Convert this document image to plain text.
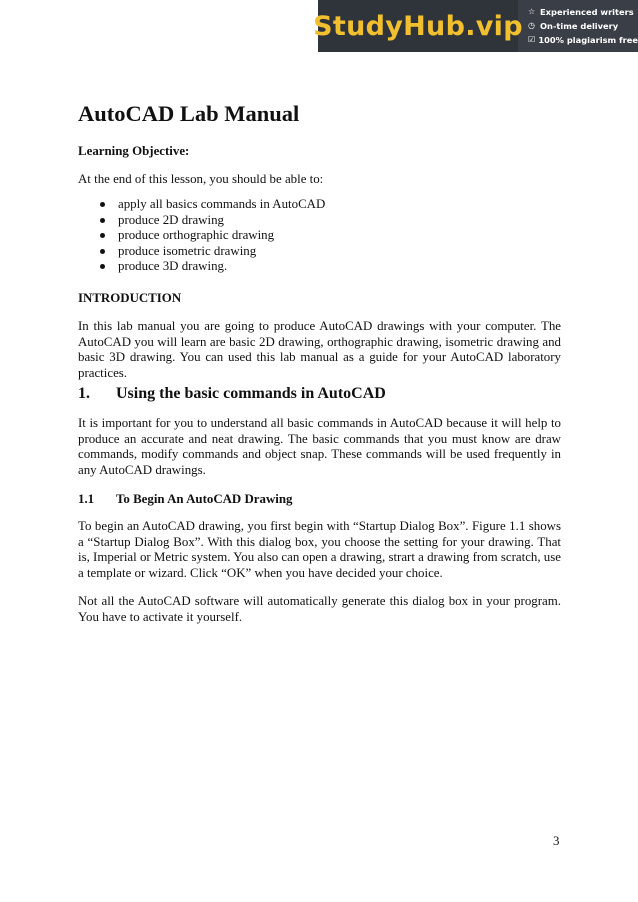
StudyHub.vip ☆ Experienced writers
◷ On-time delivery
☑ 100% plagiarism free
AutoCAD Lab Manual

Learning Objective:

At the end of this lesson, you should be able to:

apply all basics commands in AutoCAD
produce 2D drawing
produce orthographic drawing
produce isometric drawing
produce 3D drawing.

INTRODUCTION

In this lab manual you are going to produce AutoCAD drawings with your computer. The AutoCAD you will learn are basic 2D drawing, orthographic drawing, isometric drawing and basic 3D drawing. You can used this lab manual as a guide for your AutoCAD laboratory practices.

1.	Using the basic commands in AutoCAD

It is important for you to understand all basic commands in AutoCAD because it will help to produce an accurate and neat drawing. The basic commands that you must know are draw commands, modify commands and object snap. These commands will be used frequently in any AutoCAD drawings.

1.1	To Begin An AutoCAD Drawing

To begin an AutoCAD drawing, you first begin with “Startup Dialog Box”. Figure 1.1 shows a “Startup Dialog Box”. With this dialog box, you choose the setting for your drawing. That is, Imperial or Metric system. You also can open a drawing, strart a drawing from scratch, use a template or wizard. Click “OK” when you have decided your choice.

Not all the AutoCAD software will automatically generate this dialog box in your program. You have to activate it yourself.

3
